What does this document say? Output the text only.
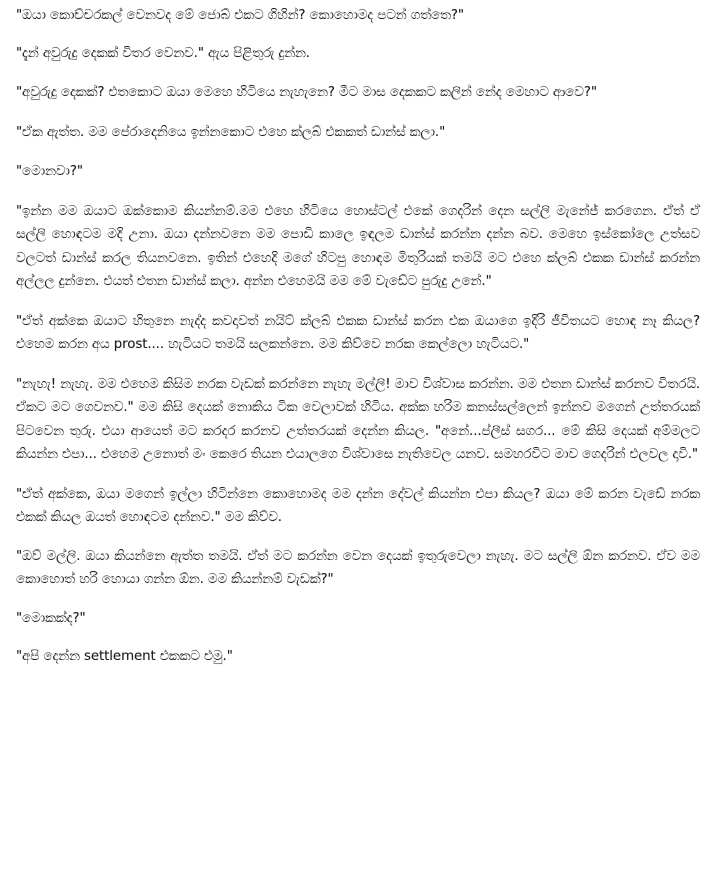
"ඔයා කොච්චරකල් වෙනවද මේ ජොබ් එකට ගිහින්? කොහොමද පටන් ගත්තෙ?"

"දැන් අවුරුදු දෙකක් විතර වෙනව." ඇය පිළිතුරු දුන්න.

"අවුරුදු දෙකක්? එතකොට ඔයා මෙහෙ හිටියෙ නැහැනෙ? මීට මාස දෙකකට කලින් නේද මෙහාට ආවෙ?"

"ඒක ඇත්ත. මම පේරාදෙනියෙ ඉන්නකොට එහෙ ක්ලබ් එකකත් ඩාන්ස් කලා."

"මොනවා?"

"ඉන්න මම ඔයාට ඔක්කොම කියන්නම්.මම එහෙ හිටියෙ හොස්ටල් එකේ ගෙදරින් දෙන සල්ලි මැනේජ් කරගෙන. ඒත් ඒ සල්ලි හොඳටම මදි උනා. ඔයා දන්නවනෙ මම පොඩි කාලෙ ඉඳලම ඩාන්ස් කරන්න දන්න බව. මෙහෙ ඉස්කෝලෙ උත්සව වලටත් ඩාන්ස් කරල තියනවනෙ. ඉතින් එහෙදි මගේ හිටපු හොඳම මිතුරියක් තමයි මට එහෙ ක්ලබ් එකක ඩාන්ස් කරන්න අල්ලල දුන්නෙ. එයත් එතන ඩාන්ස් කලා. අන්න එහෙමයි මම මේ වැඩේට පුරුදු උනේ."

"ඒත් අක්කෙ ඔයාට හිතුනෙ නැද්ද කවදාවත් නයිට් ක්ලබ් එකක ඩාන්ස් කරන එක ඔයාගෙ ඉදිරි ජීවිතයට හොඳ නෑ කියල? එහෙම කරන අය prost.... හැටියට තමයි සලකන්නෙ. මම කිව්වෙ නරක කෙල්ලො හැටියට."

"නැහැ! නැහැ. මම එහෙම කිසිම නරක වැඩක් කරන්නෙ නැහැ මල්ලි! මාව විශ්වාස කරන්න. මම එතන ඩාන්ස් කරනව විතරයි. ඒකට මට ගෙවනව." මම කිසි දෙයක් නොකිය ටික වෙලාවක් හිටිය. අක්ක හරිම කනස්සල්ලෙන් ඉන්නව මගෙන් උත්තරයක් පිටවෙන තුරු. එයා ආයෙත් මට කරදර කරනව උත්තරයක් දෙන්න කියල. "අනේ...ප්ලීස් සගර... මේ කිසි දෙයක් අම්මලට කියන්න එපා... එහෙම උනොත් මං කෙරෙ තියන එයාලගෙ විශ්වාසෙ නැතිවෙල යනව. සමහරවිට මාව ගෙදරින් එලවල දාවි."

"ඒත් අක්කෙ, ඔයා මගෙන් ඉල්ලා හිටින්නෙ කොහොමද මම දන්න දේවල් කියන්න එපා කියල? ඔයා මේ කරන වැඩේ නරක එකක් කියල ඔයත් හොඳටම දන්නව." මම කිව්ව.

"ඔව් මල්ලි. ඔයා කියන්නෙ ඇත්ත තමයි. ඒත් මට කරන්න වෙන දෙයක් ඉතුරුවෙලා නැහැ. මට සල්ලි ඕන කරනව. ඒව මම කොහොත් හරි හොයා ගන්න ඕන. මම කියන්නම් වැඩක්?"

"මොකක්ද?"

"අපි දෙන්න settlement එකකට එමු."
